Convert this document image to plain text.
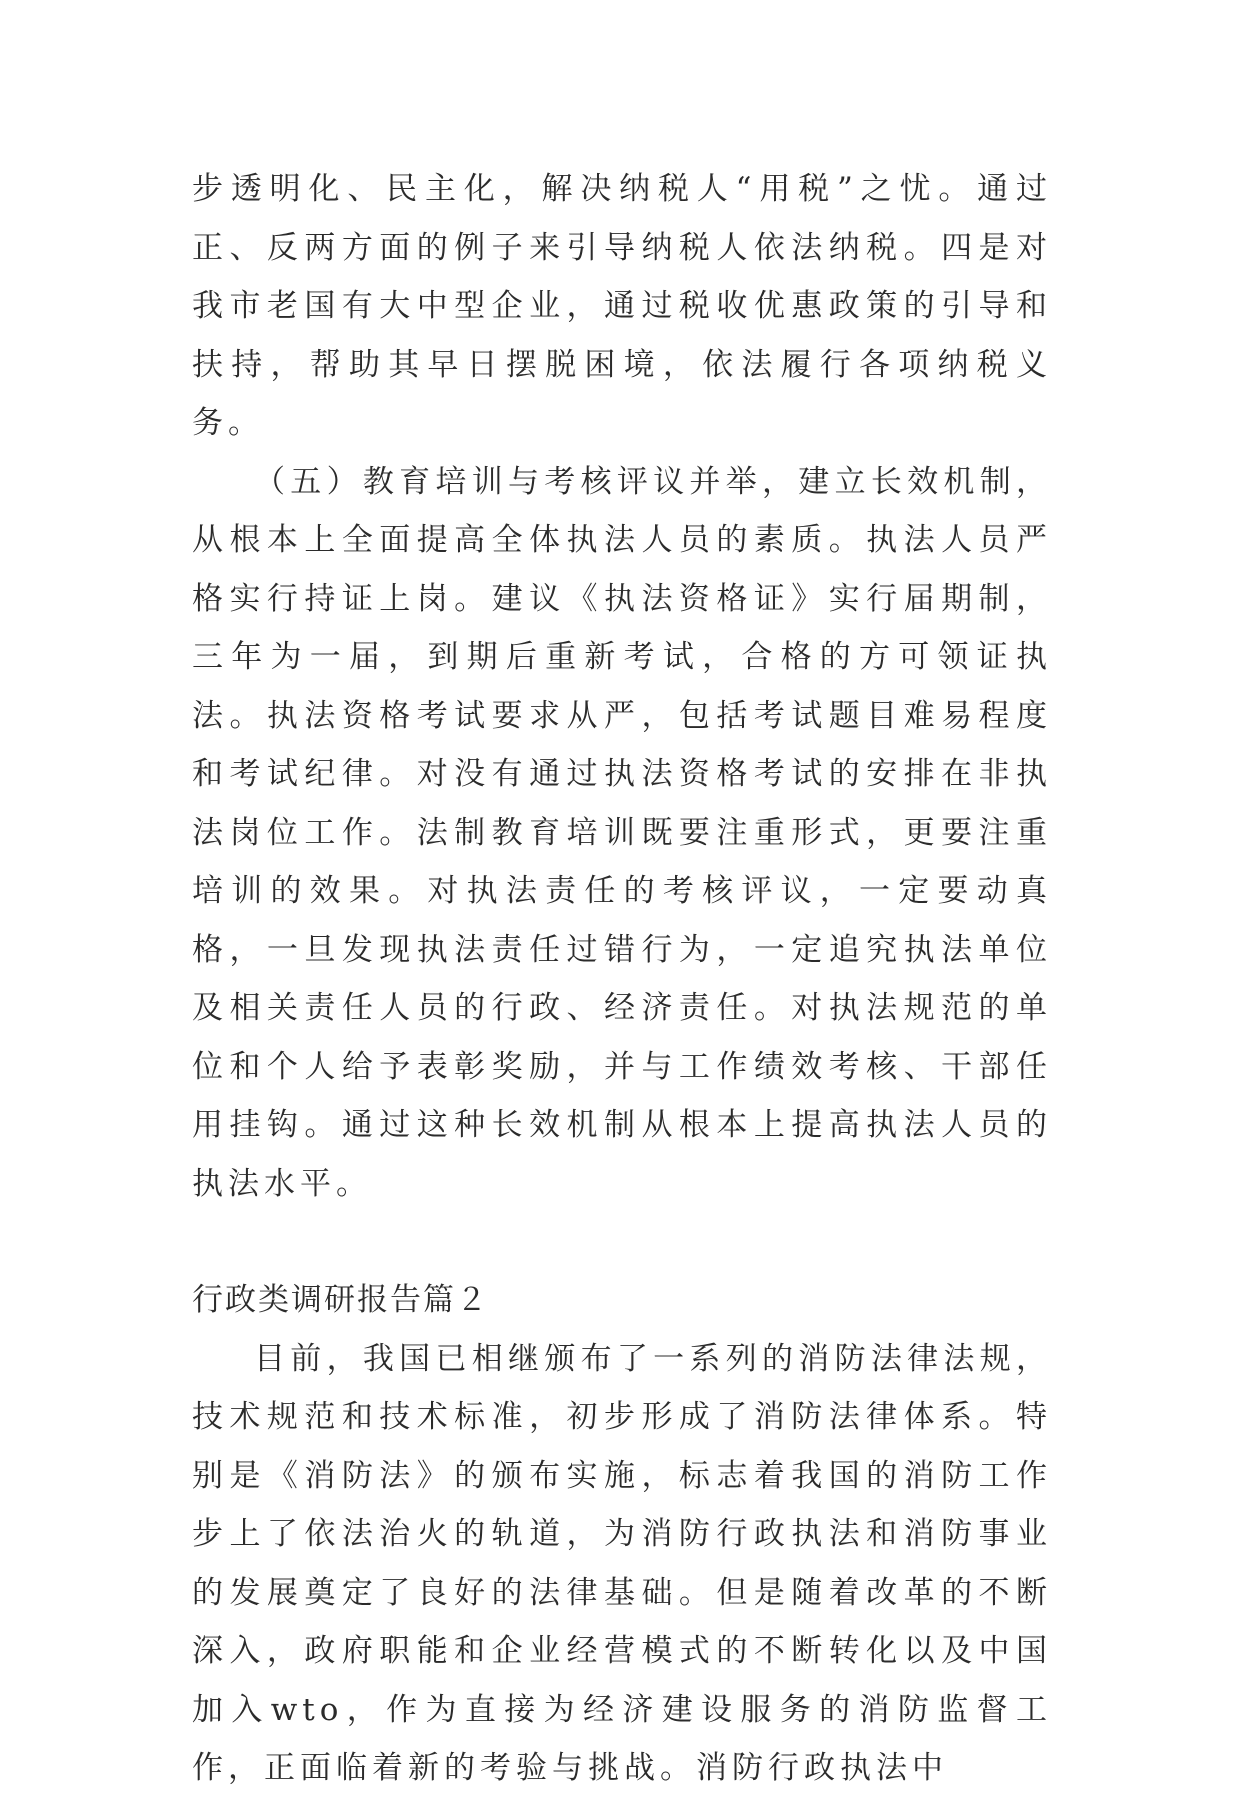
步透明化、民主化，解决纳税人“用税”之忧。通过正、反两方面的例子来引导纳税人依法纳税。四是对我市老国有大中型企业，通过税收优惠政策的引导和扶持，帮助其早日摆脱困境，依法履行各项纳税义务。

（五）教育培训与考核评议并举，建立长效机制，从根本上全面提高全体执法人员的素质。执法人员严格实行持证上岗。建议《执法资格证》实行届期制，三年为一届，到期后重新考试，合格的方可领证执法。执法资格考试要求从严，包括考试题目难易程度和考试纪律。对没有通过执法资格考试的安排在非执法岗位工作。法制教育培训既要注重形式，更要注重培训的效果。对执法责任的考核评议，一定要动真格，一旦发现执法责任过错行为，一定追究执法单位及相关责任人员的行政、经济责任。对执法规范的单位和个人给予表彰奖励，并与工作绩效考核、干部任用挂钩。通过这种长效机制从根本上提高执法人员的执法水平。

行政类调研报告篇２

目前，我国已相继颁布了一系列的消防法律法规，技术规范和技术标准，初步形成了消防法律体系。特别是《消防法》的颁布实施，标志着我国的消防工作步上了依法治火的轨道，为消防行政执法和消防事业的发展奠定了良好的法律基础。但是随着改革的不断深入，政府职能和企业经营模式的不断转化以及中国加入wto，作为直接为经济建设服务的消防监督工作，正面临着新的考验与挑战。消防行政执法中
